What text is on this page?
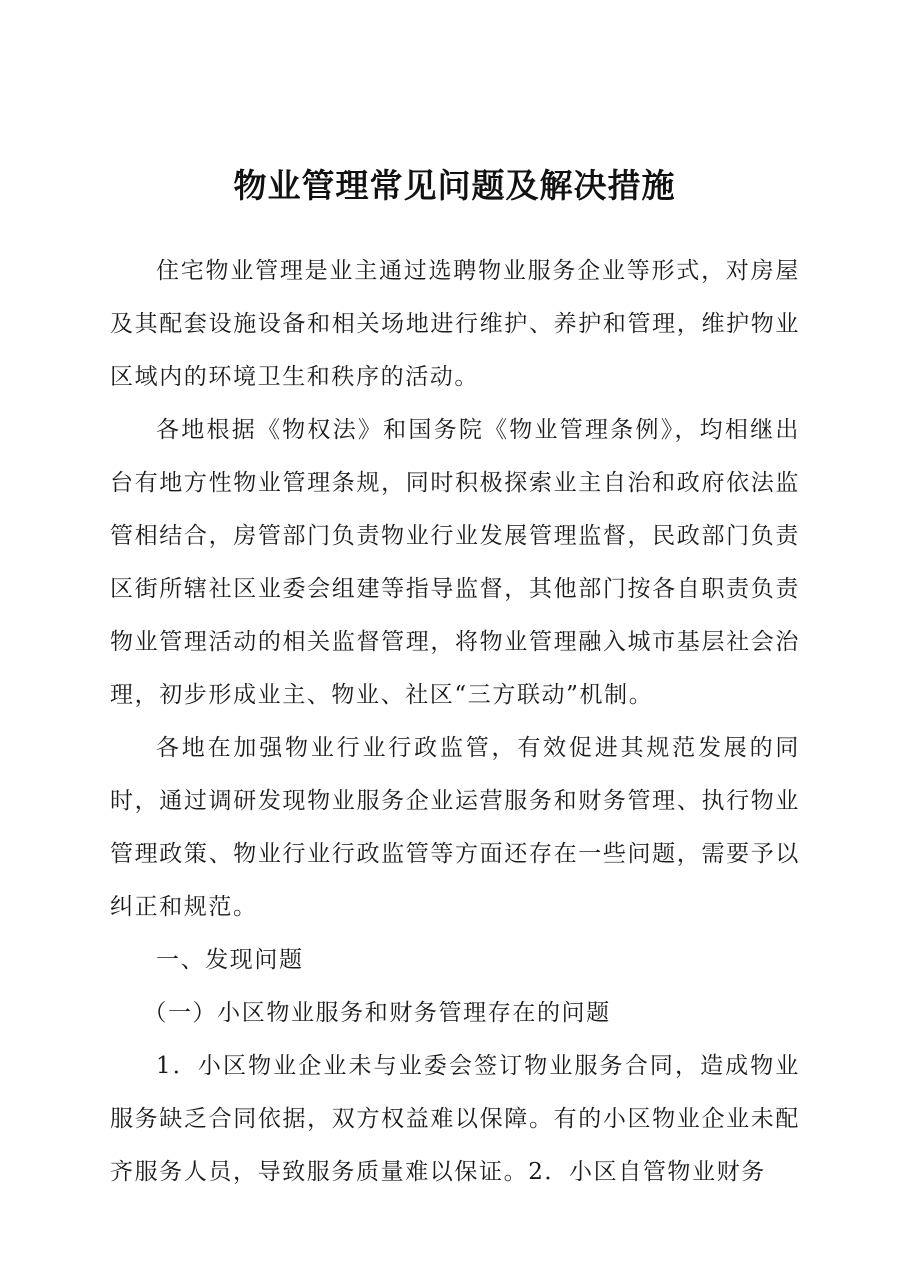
物业管理常见问题及解决措施

住宅物业管理是业主通过选聘物业服务企业等形式，对房屋及其配套设施设备和相关场地进行维护、养护和管理，维护物业区域内的环境卫生和秩序的活动。

各地根据《物权法》和国务院《物业管理条例》，均相继出台有地方性物业管理条规，同时积极探索业主自治和政府依法监管相结合，房管部门负责物业行业发展管理监督，民政部门负责区街所辖社区业委会组建等指导监督，其他部门按各自职责负责物业管理活动的相关监督管理，将物业管理融入城市基层社会治理，初步形成业主、物业、社区“三方联动”机制。

各地在加强物业行业行政监管，有效促进其规范发展的同时，通过调研发现物业服务企业运营服务和财务管理、执行物业管理政策、物业行业行政监管等方面还存在一些问题，需要予以纠正和规范。

一、发现问题

（一）小区物业服务和财务管理存在的问题

1．小区物业企业未与业委会签订物业服务合同，造成物业服务缺乏合同依据，双方权益难以保障。有的小区物业企业未配齐服务人员，导致服务质量难以保证。2．小区自管物业财务
